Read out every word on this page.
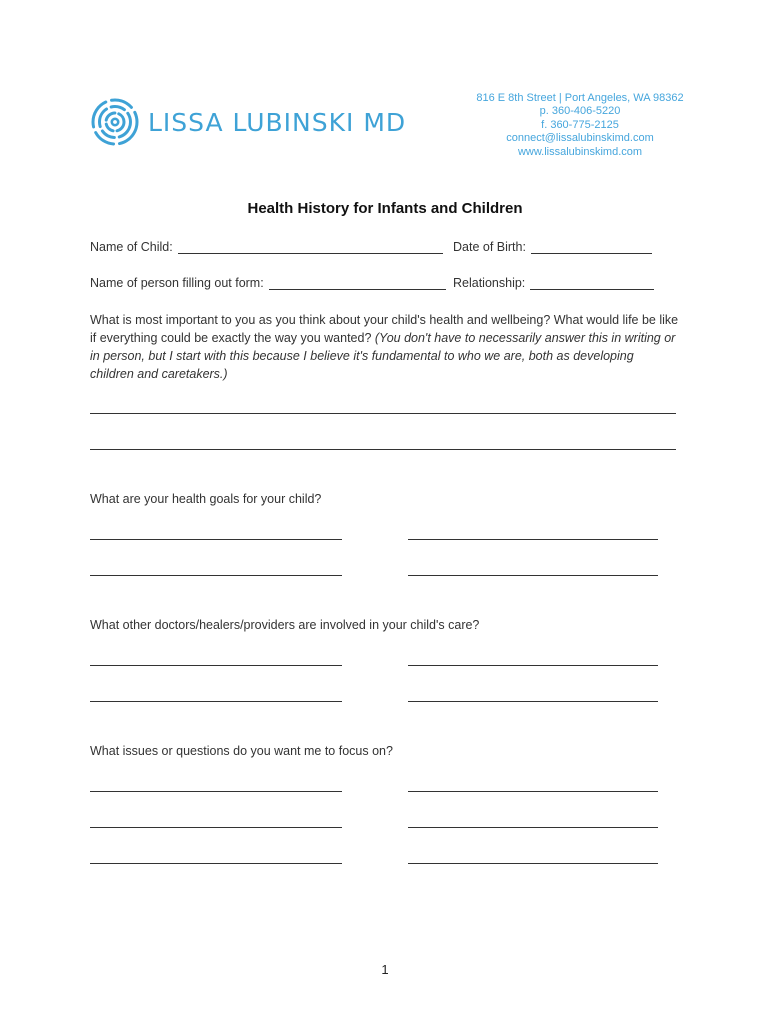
LISSA LUBINSKI MD
816 E 8th Street | Port Angeles, WA 98362
p. 360-406-5220
f. 360-775-2125
connect@lissalubinskimd.com
www.lissalubinskimd.com
Health History for Infants and Children
Name of Child:	Date of Birth:
Name of person filling out form:	Relationship:
What is most important to you as you think about your child's health and wellbeing? What would life be like if everything could be exactly the way you wanted? (You don't have to necessarily answer this in writing or in person, but I start with this because I believe it's fundamental to who we are, both as developing children and caretakers.)
What are your health goals for your child?
What other doctors/healers/providers are involved in your child's care?
What issues or questions do you want me to focus on?
1
